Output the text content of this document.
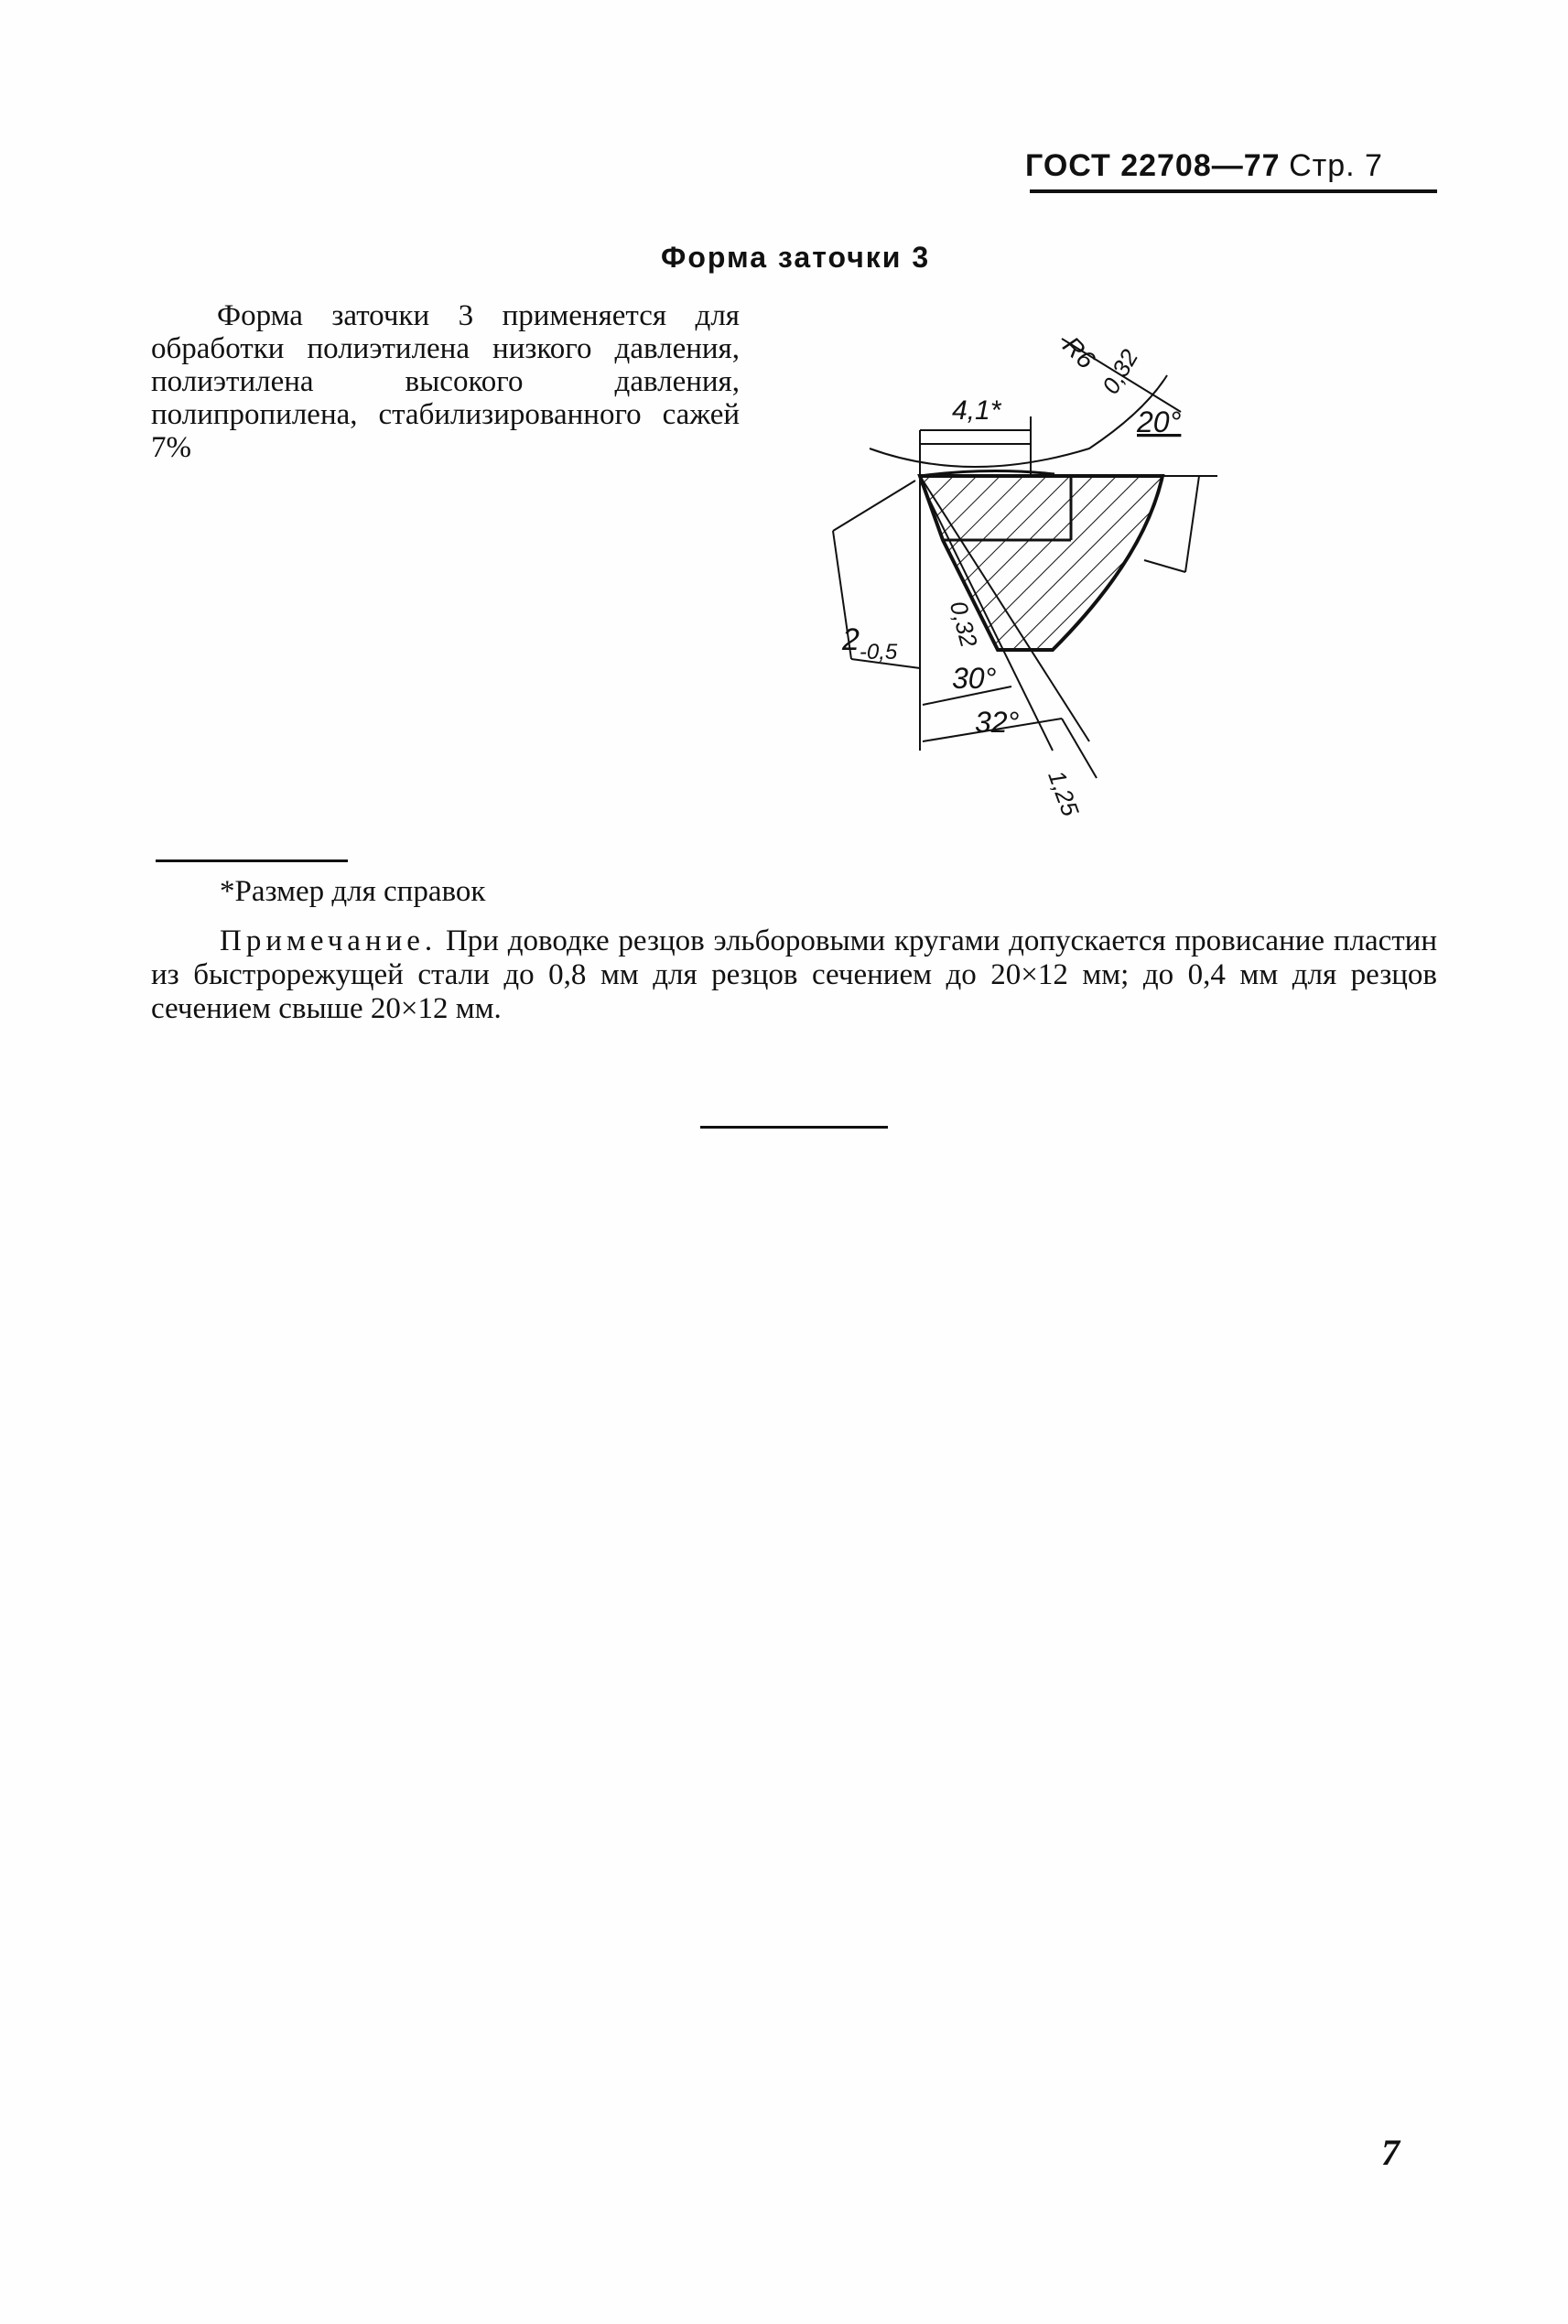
ГОСТ 22708—77 Стр. 7
Форма заточки 3

Форма заточки 3 применяется для обработки полиэтилена низкого давления, полиэтилена высокого давления, полипропилена, стабилизированного сажей 7%

R6
0,32
4,1*	20°
$2_{-0,5}$
0,32
30°
32°
1,25
*Размер для справок

Примечание. При доводке резцов эльборовыми кругами допускается провисание пластин из быстрорежущей стали до 0,8 мм для резцов сечением до 20×12 мм; до 0,4 мм для резцов сечением свыше 20×12 мм.

7
